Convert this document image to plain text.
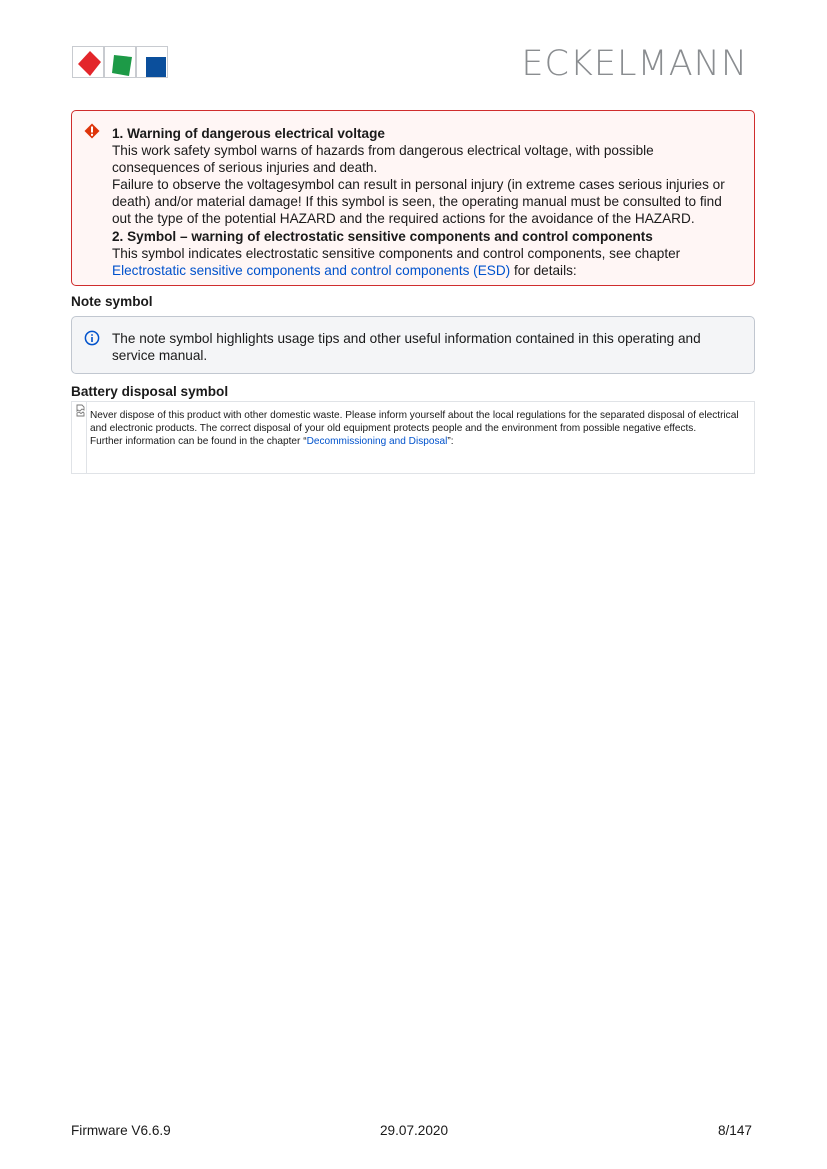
ECKELMANN

1. Warning of dangerous electrical voltage

This work safety symbol warns of hazards from dangerous electrical voltage, with possible consequences of serious injuries and death.

Failure to observe the voltagesymbol can result in personal injury (in extreme cases serious injuries or death) and/or material damage! If this symbol is seen, the operating manual must be consulted to find out the type of the potential HAZARD and the required actions for the avoidance of the HAZARD.

2. Symbol – warning of electrostatic sensitive components and control components

This symbol indicates electrostatic sensitive components and control components, see chapter
Electrostatic sensitive components and control components (ESD) for details:

Note symbol
The note symbol highlights usage tips and other useful information contained in this operating and service manual.
Battery disposal symbol

Never dispose of this product with other domestic waste. Please inform yourself about the local regulations for the separated disposal of electrical and electronic products. The correct disposal of your old equipment protects people and the environment from possible negative effects.

Further information can be found in the chapter “Decommissioning and Disposal”:

Firmware V6.6.9	29.07.2020	8/147
